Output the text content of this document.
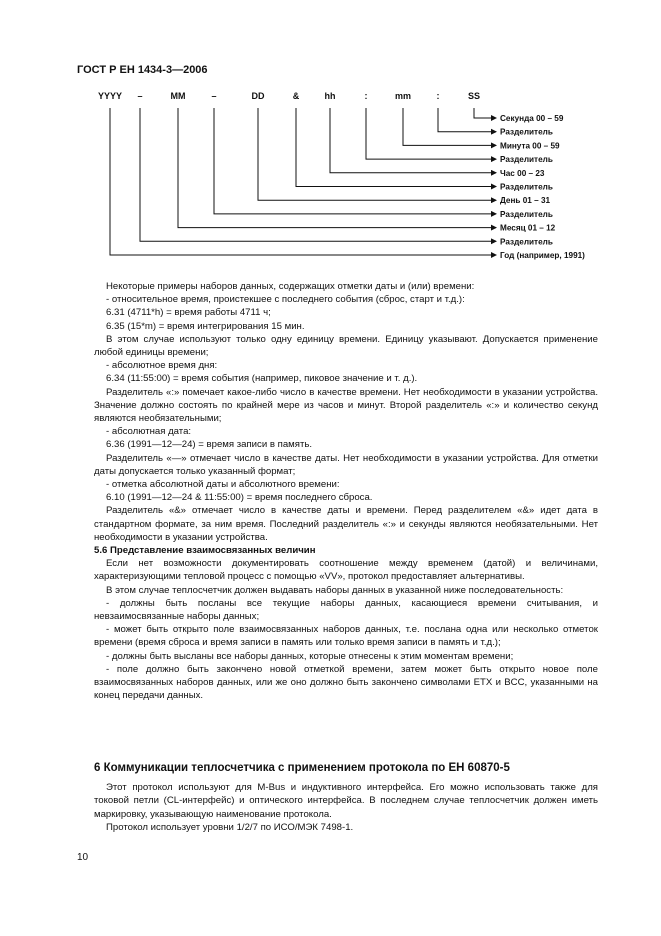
ГОСТ Р ЕН 1434-3—2006
YYYY –	MM	–	DD	&	hh	:	mm	:	SS
Секунда 00 – 59
Разделитель
Минута 00 – 59
Разделитель
Час 00 – 23
Разделитель
День 01 – 31
Разделитель
Месяц 01 – 12
Разделитель
Год (например, 1991)

Некоторые примеры наборов данных, содержащих отметки даты и (или) времени:

- относительное время, проистекшее с последнего события (сброс, старт и т.д.):

6.31 (4711*h) = время работы 4711 ч;

6.35 (15*m) = время интегрирования 15 мин.

В этом случае используют только одну единицу времени. Единицу указывают. Допускается применение любой единицы времени;

- абсолютное время дня:

6.34 (11:55:00) = время события (например, пиковое значение и т. д.).

Разделитель «:» помечает какое-либо число в качестве времени. Нет необходимости в указании устройства. Значение должно состоять по крайней мере из часов и минут. Второй разделитель «:» и количество секунд являются необязательными;

- абсолютная дата:

6.36 (1991—12—24) = время записи в память.

Разделитель «—» отмечает число в качестве даты. Нет необходимости в указании устройства. Для отметки даты допускается только указанный формат;

- отметка абсолютной даты и абсолютного времени:

6.10 (1991—12—24 & 11:55:00) = время последнего сброса.

Разделитель «&» отмечает число в качестве даты и времени. Перед разделителем «&» идет дата в стандартном формате, за ним время. Последний разделитель «:» и секунды являются необязательными. Нет необходимости в указании устройства.

5.6 Представление взаимосвязанных величин

Если нет возможности документировать соотношение между временем (датой) и величинами, характеризующими тепловой процесс с помощью «VV», протокол предоставляет альтернативы.

В этом случае теплосчетчик должен выдавать наборы данных в указанной ниже последовательность:

- должны быть посланы все текущие наборы данных, касающиеся времени считывания, и невзаимосвязанные наборы данных;

- может быть открыто поле взаимосвязанных наборов данных, т.е. послана одна или несколько отметок времени (время сброса и время записи в память или только время записи в память и т.д.);

- должны быть высланы все наборы данных, которые отнесены к этим моментам времени;

- поле должно быть закончено новой отметкой времени, затем может быть открыто новое поле взаимосвязанных наборов данных, или же оно должно быть закончено символами ETX и BCC, указанными на конец передачи данных.

6 Коммуникации теплосчетчика с применением протокола по ЕН 60870-5

Этот протокол используют для M-Bus и индуктивного интерфейса. Его можно использовать также для токовой петли (CL-интерфейс) и оптического интерфейса. В последнем случае теплосчетчик должен иметь маркировку, указывающую наименование протокола.

Протокол использует уровни 1/2/7 по ИСО/МЭК 7498-1.

10
